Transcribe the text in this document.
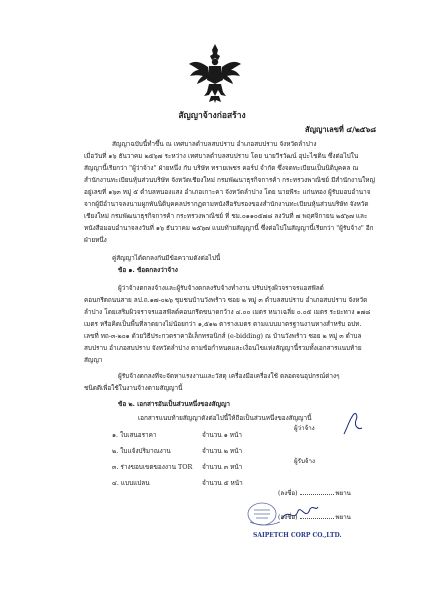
สัญญาจ้างก่อสร้าง
สัญญาเลขที่ ๔/๒๕๖๘
สัญญาฉบับนี้ทำขึ้น ณ เทศบาลตำบลสบปราบ อำเภอสบปราบ จังหวัดลำปาง
เมื่อวันที่ ๑๖ ธันวาคม ๒๕๖๗ ระหว่าง เทศบาลตำบลสบปราบ โดย นายวีรวัฒน์ อุปะไชติน ซึ่งต่อไปใน
สัญญานี้เรียกว่า "ผู้ว่าจ้าง" ฝ่ายหนึ่ง กับ บริษัท ทรายเพชร คอร์ป จำกัด ซึ่งจดทะเบียนเป็นนิติบุคคล ณ
สำนักงานทะเบียนหุ้นส่วนบริษัท จังหวัดเชียงใหม่ กรมพัฒนาธุรกิจการค้า กระทรวงพาณิชย์ มีสำนักงานใหญ่
อยู่เลขที่ ๑๖๓ หมู่ ๕ ตำบลหนองแสง อำเภอเกาะคา จังหวัดลำปาง โดย นายพีระ แก่นทอง ผู้รับมอบอำนาจ
จากผู้มีอำนาจลงนามผูกพันนิติบุคคลปรากฏตามหนังสือรับรองของสำนักงานทะเบียนหุ้นส่วนบริษัท จังหวัด
เชียงใหม่ กรมพัฒนาธุรกิจการค้า กระทรวงพาณิชย์ ที่ ชม.๐๑๑๐๕๗๘ ลงวันที่ ๗ พฤศจิกายน ๒๕๖๗ และ
หนังสือมอบอำนาจลงวันที่ ๑๖ ธันวาคม ๒๕๖๗ แนบท้ายสัญญานี้ ซึ่งต่อไปในสัญญานี้เรียกว่า "ผู้รับจ้าง" อีก
ฝ่ายหนึ่ง
คู่สัญญาได้ตกลงกันมีข้อความดังต่อไปนี้
ข้อ ๑. ข้อตกลงว่าจ้าง
ผู้ว่าจ้างตกลงจ้างและผู้รับจ้างตกลงรับจ้างทำงาน ปรับปรุงผิวจราจรแอสฟัลต์
คอนกรีตถนนสาย ลป.ถ.๑๗-๐๒๖ ชุมชนบ้านวังพร้าว ซอย ๒ หมู่ ๓ ตำบลสบปราบ อำเภอสบปราบ จังหวัด
ลำปาง โดยเสริมผิวจราจรแอสฟัลต์คอนกรีตขนาดกว้าง ๔.๐๐ เมตร หนาเฉลี่ย ๐.๐๕ เมตร ระยะทาง ๑๗๘
เมตร หรือคิดเป็นพื้นที่ลาดยางไม่น้อยกว่า ๑,๕๑๒ ตารางเมตร ตามแบบมาตรฐานงานทางสำหรับ อปท.
เลขที่ ทถ-๓-๒๐๑ ด้วยวิธีประกวดราคาอิเล็กทรอนิกส์ (e-bidding) ณ บ้านวังพร้าว ซอย ๒ หมู่ ๓ ตำบล
สบปราบ อำเภอสบปราบ จังหวัดลำปาง ตามข้อกำหนดและเงื่อนไขแห่งสัญญานี้รวมทั้งเอกสารแนบท้าย
สัญญา
ผู้รับจ้างตกลงที่จะจัดหาแรงงานและวัสดุ เครื่องมือเครื่องใช้ ตลอดจนอุปกรณ์ต่างๆ
ชนิดดีเพื่อใช้ในงานจ้างตามสัญญานี้
ข้อ ๒. เอกสารอันเป็นส่วนหนึ่งของสัญญา
เอกสารแนบท้ายสัญญาดังต่อไปนี้ให้ถือเป็นส่วนหนึ่งของสัญญานี้
๑. ใบเสนอราคา	จำนวน ๑ หน้า
๒. ใบแจ้งปริมาณงาน	จำนวน ๒ หน้า
๓. ร่างขอบเขตของงาน TOR จำนวน ๓ หน้า
๔. แบบแปลน	จำนวน ๕ หน้า
ผู้ว่าจ้าง
ผู้รับจ้าง
(ลงชื่อ)	พยาน
(ลงชื่อ)	พยาน
SAIPETCH CORP CO.,LTD.
